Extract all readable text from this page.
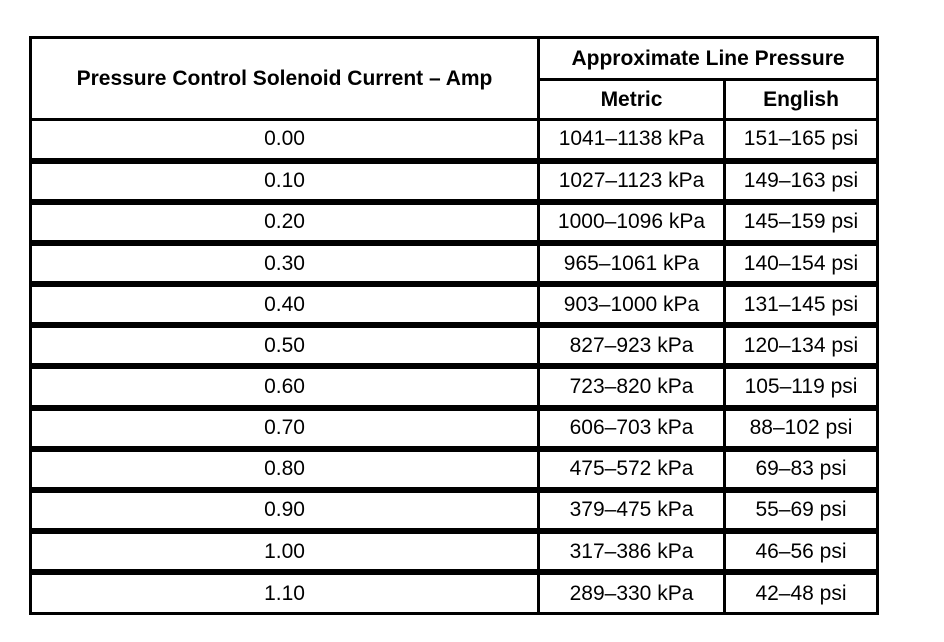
Pressure Control Solenoid Current – Amp	Approximate Line Pressure	
	Metric	English
0.00	1041–1138 kPa	151–165 psi
0.10	1027–1123 kPa	149–163 psi
0.20	1000–1096 kPa	145–159 psi
0.30	965–1061 kPa	140–154 psi
0.40	903–1000 kPa	131–145 psi
0.50	827–923 kPa	120–134 psi
0.60	723–820 kPa	105–119 psi
0.70	606–703 kPa	88–102 psi
0.80	475–572 kPa	69–83 psi
0.90	379–475 kPa	55–69 psi
1.00	317–386 kPa	46–56 psi
1.10	289–330 kPa	42–48 psi
